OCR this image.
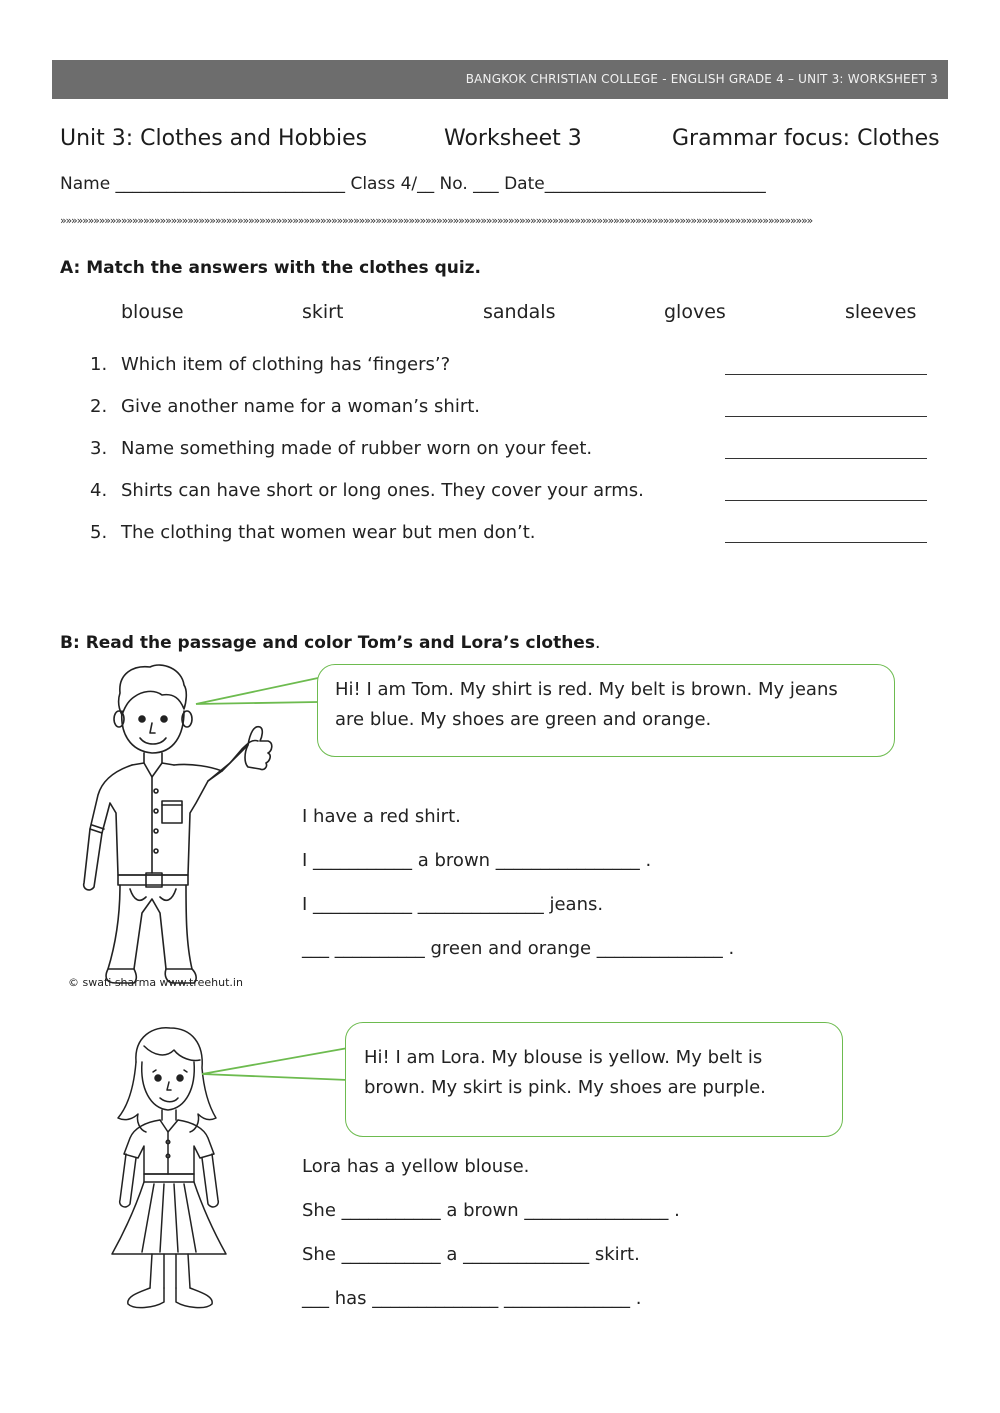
BANGKOK CHRISTIAN COLLEGE - ENGLISH GRADE 4 – UNIT 3: WORKSHEET 3
Unit 3: Clothes and Hobbies	Worksheet 3	Grammar focus: Clothes
Name ___________________________ Class 4/__ No. ___ Date__________________________
»»»»»»»»»»»»»»»»»»»»»»»»»»»»»»»»»»»»»»»»»»»»»»»»»»»»»»»»»»»»»»»»»»»»»»»»»»»»»»»»»»»»»»»»»»»»»»»»»»»»»»»»»»»»»»»»»»»»»»»»»»»»»»»»»»»»»»»»
A: Match the answers with the clothes quiz.
blouse	skirt	sandals	gloves	sleeves
1. Which item of clothing has ‘fingers’?
2. Give another name for a woman’s shirt.
3. Name something made of rubber worn on your feet.
4. Shirts can have short or long ones. They cover your arms.
5. The clothing that women wear but men don’t.
B: Read the passage and color Tom’s and Lora’s clothes.
© swati sharma www.treehut.in
Hi! I am Tom. My shirt is red. My belt is brown. My jeans
are blue. My shoes are green and orange.
I have a red shirt.
I ___________ a brown ________________ .
I ___________ ______________ jeans.
___ __________ green and orange ______________ .
Hi! I am Lora. My blouse is yellow. My belt is
brown. My skirt is pink. My shoes are purple.
Lora has a yellow blouse.
She ___________ a brown ________________ .
She ___________ a ______________ skirt.
___ has ______________ ______________ .
